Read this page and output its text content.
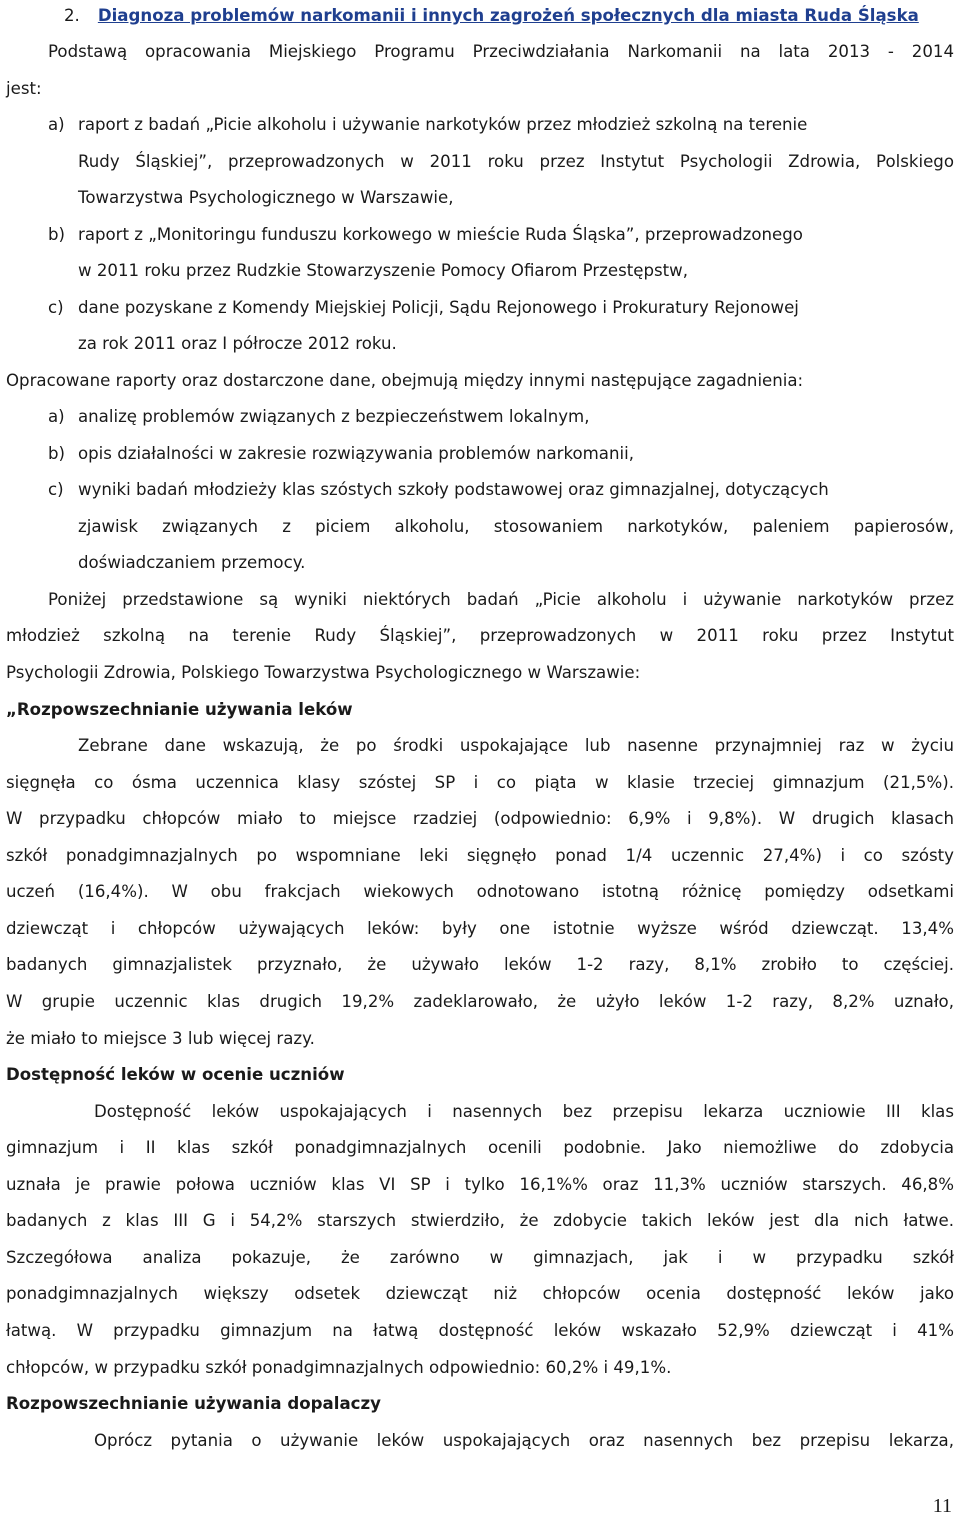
2. Diagnoza problemów narkomanii i innych zagrożeń społecznych dla miasta Ruda Śląska
Podstawą opracowania Miejskiego Programu Przeciwdziałania Narkomanii na lata 2013 - 2014
jest:
a) raport z badań „Picie alkoholu i używanie narkotyków przez młodzież szkolną na terenie
Rudy Śląskiej”, przeprowadzonych w 2011 roku przez Instytut Psychologii Zdrowia, Polskiego
Towarzystwa Psychologicznego w Warszawie,
b) raport z „Monitoringu funduszu korkowego w mieście Ruda Śląska”, przeprowadzonego
w 2011 roku przez Rudzkie Stowarzyszenie Pomocy Ofiarom Przestępstw,
c) dane pozyskane z Komendy Miejskiej Policji, Sądu Rejonowego i Prokuratury Rejonowej
za rok 2011 oraz I półrocze 2012 roku.
Opracowane raporty oraz dostarczone dane, obejmują między innymi następujące zagadnienia:
a) analizę problemów związanych z bezpieczeństwem lokalnym,
b) opis działalności w zakresie rozwiązywania problemów narkomanii,
c) wyniki badań młodzieży klas szóstych szkoły podstawowej oraz gimnazjalnej, dotyczących
zjawisk związanych z piciem alkoholu, stosowaniem narkotyków, paleniem papierosów,
doświadczaniem przemocy.
Poniżej przedstawione są wyniki niektórych badań „Picie alkoholu i używanie narkotyków przez
młodzież szkolną na terenie Rudy Śląskiej”, przeprowadzonych w 2011 roku przez Instytut
Psychologii Zdrowia, Polskiego Towarzystwa Psychologicznego w Warszawie:
„Rozpowszechnianie używania leków
Zebrane dane wskazują, że po środki uspokajające lub nasenne przynajmniej raz w życiu
sięgnęła co ósma uczennica klasy szóstej SP i co piąta w klasie trzeciej gimnazjum (21,5%).
W przypadku chłopców miało to miejsce rzadziej (odpowiednio: 6,9% i 9,8%). W drugich klasach
szkół ponadgimnazjalnych po wspomniane leki sięgnęło ponad 1/4 uczennic 27,4%) i co szósty
uczeń (16,4%). W obu frakcjach wiekowych odnotowano istotną różnicę pomiędzy odsetkami
dziewcząt i chłopców używających leków: były one istotnie wyższe wśród dziewcząt. 13,4%
badanych gimnazjalistek przyznało, że używało leków 1-2 razy, 8,1% zrobiło to częściej.
W grupie uczennic klas drugich 19,2% zadeklarowało, że użyło leków 1-2 razy, 8,2% uznało,
że miało to miejsce 3 lub więcej razy.
Dostępność leków w ocenie uczniów
Dostępność leków uspokajających i nasennych bez przepisu lekarza uczniowie III klas
gimnazjum i II klas szkół ponadgimnazjalnych ocenili podobnie. Jako niemożliwe do zdobycia
uznała je prawie połowa uczniów klas VI SP i tylko 16,1%% oraz 11,3% uczniów starszych. 46,8%
badanych z klas III G i 54,2% starszych stwierdziło, że zdobycie takich leków jest dla nich łatwe.
Szczegółowa analiza pokazuje, że zarówno w gimnazjach, jak i w przypadku szkół
ponadgimnazjalnych większy odsetek dziewcząt niż chłopców ocenia dostępność leków jako
łatwą. W przypadku gimnazjum na łatwą dostępność leków wskazało 52,9% dziewcząt i 41%
chłopców, w przypadku szkół ponadgimnazjalnych odpowiednio: 60,2% i 49,1%.
Rozpowszechnianie używania dopalaczy
Oprócz pytania o używanie leków uspokajających oraz nasennych bez przepisu lekarza,
11
